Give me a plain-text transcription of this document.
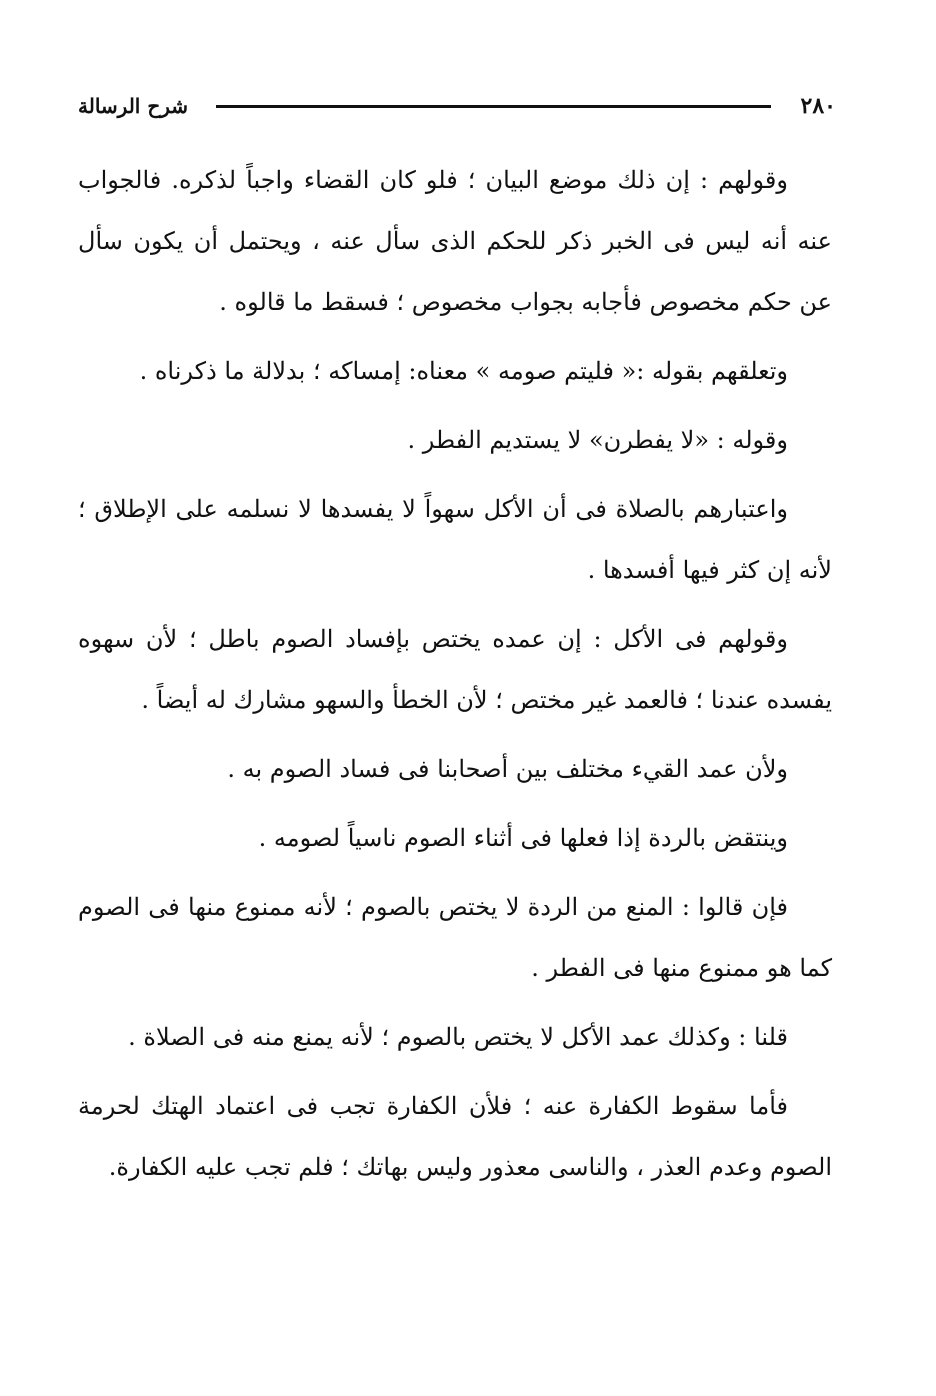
٢٨٠
شرح الرسالة

وقولهم : إن ذلك موضع البيان ؛ فلو كان القضاء واجباً لذكره. فالجواب عنه أنه ليس فى الخبر ذكر للحكم الذى سأل عنه ، ويحتمل أن يكون سأل عن حكم مخصوص فأجابه بجواب مخصوص ؛ فسقط ما قالوه .

وتعلقهم بقوله :« فليتم صومه » معناه: إمساكه ؛ بدلالة ما ذكرناه .

وقوله : «لا يفطرن» لا يستديم الفطر .

واعتبارهم بالصلاة فى أن الأكل سهواً لا يفسدها لا نسلمه على الإطلاق ؛ لأنه إن كثر فيها أفسدها .

وقولهم فى الأكل : إن عمده يختص بإفساد الصوم باطل ؛ لأن سهوه يفسده عندنا ؛ فالعمد غير مختص ؛ لأن الخطأ والسهو مشارك له أيضاً .

ولأن عمد القيء مختلف بين أصحابنا فى فساد الصوم به .

وينتقض بالردة إذا فعلها فى أثناء الصوم ناسياً لصومه .

فإن قالوا : المنع من الردة لا يختص بالصوم ؛ لأنه ممنوع منها فى الصوم كما هو ممنوع منها فى الفطر .

قلنا : وكذلك عمد الأكل لا يختص بالصوم ؛ لأنه يمنع منه فى الصلاة .

فأما سقوط الكفارة عنه ؛ فلأن الكفارة تجب فى اعتماد الهتك لحرمة الصوم وعدم العذر ، والناسى معذور وليس بهاتك ؛ فلم تجب عليه الكفارة.
